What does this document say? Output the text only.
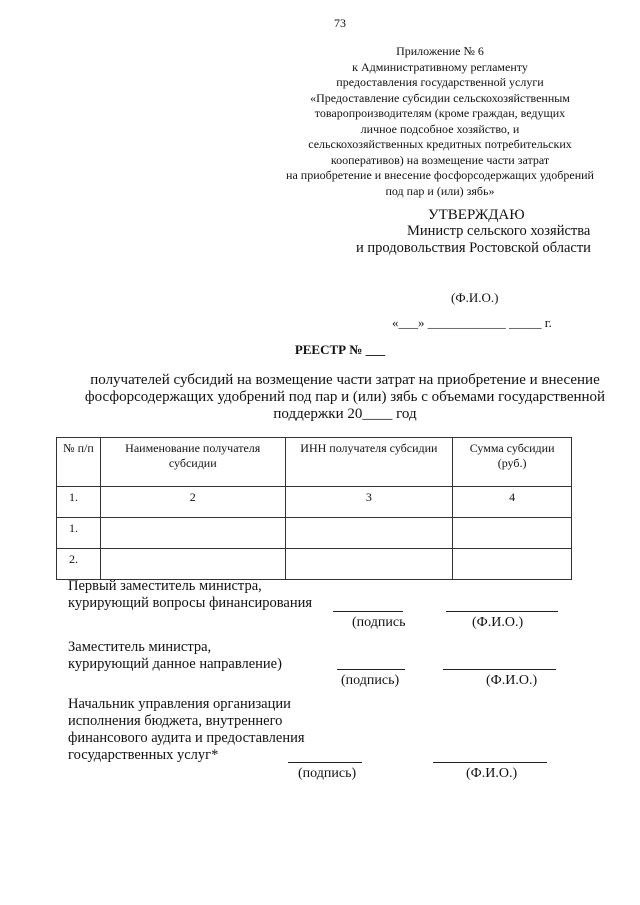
73
Приложение № 6
к Административному регламенту
предоставления государственной услуги
«Предоставление субсидии сельскохозяйственным
товаропроизводителям (кроме граждан, ведущих
личное подсобное хозяйство, и
сельскохозяйственных кредитных потребительских
кооперативов) на возмещение части затрат
на приобретение и внесение фосфорсодержащих удобрений
под пар и (или) зябь»
УТВЕРЖДАЮ
Министр сельского хозяйства
и продовольствия Ростовской области
(Ф.И.О.)
«___» ____________ _____ г.
РЕЕСТР № ___
получателей субсидий на возмещение части затрат на приобретение и внесение фосфорсодержащих удобрений под пар и (или) зябь с объемами государственной поддержки 20____ год
№ п/п	Наименование получателя субсидии	ИНН получателя субсидии	Сумма субсидии (руб.)
1.	2	3	4
1.			
2.			
Первый заместитель министра,
курирующий вопросы финансирования
(подпись	(Ф.И.О.)
Заместитель министра,
курирующий данное направление)
(подпись)	(Ф.И.О.)
Начальник управления организации
исполнения бюджета, внутреннего
финансового аудита и предоставления
государственных услуг*
(подпись)	(Ф.И.О.)
